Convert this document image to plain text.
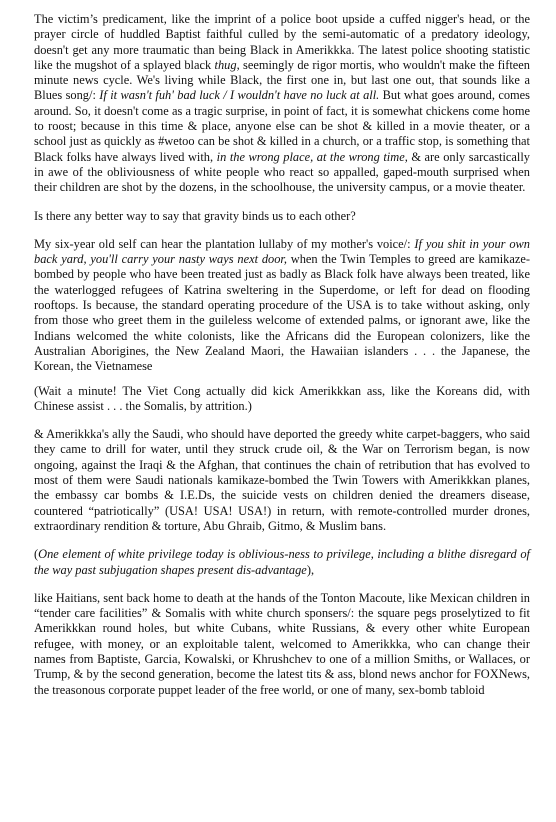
The victim’s predicament, like the imprint of a police boot upside a cuffed nigger's head, or the prayer circle of huddled Baptist faithful culled by the semi-automatic of a predatory ideology, doesn't get any more traumatic than being Black in Amerikkka. The latest police shooting statistic like the mugshot of a splayed black thug, seemingly de rigor mortis, who wouldn't make the fifteen minute news cycle. We's living while Black, the first one in, but last one out, that sounds like a Blues song/: If it wasn't fuh' bad luck / I wouldn't have no luck at all. But what goes around, comes around. So, it doesn't come as a tragic surprise, in point of fact, it is somewhat chickens come home to roost; because in this time & place, anyone else can be shot & killed in a movie theater, or a school just as quickly as #wetoo can be shot & killed in a church, or a traffic stop, is something that Black folks have always lived with, in the wrong place, at the wrong time, & are only sarcastically in awe of the obliviousness of white people who react so appalled, gaped-mouth surprised when their children are shot by the dozens, in the schoolhouse, the university campus, or a movie theater.

Is there any better way to say that gravity binds us to each other?

My six-year old self can hear the plantation lullaby of my mother's voice/: If you shit in your own back yard, you'll carry your nasty ways next door, when the Twin Temples to greed are kamikaze-bombed by people who have been treated just as badly as Black folk have always been treated, like the waterlogged refugees of Katrina sweltering in the Superdome, or left for dead on flooding rooftops. Is because, the standard operating procedure of the USA is to take without asking, only from those who greet them in the guileless welcome of extended palms, or ignorant awe, like the Indians welcomed the white colonists, like the Africans did the European colonizers, like the Australian Aborigines, the New Zealand Maori, the Hawaiian islanders . . . the Japanese, the Korean, the Vietnamese

(Wait a minute! The Viet Cong actually did kick Amerikkkan ass, like the Koreans did, with Chinese assist . . . the Somalis, by attrition.)

& Amerikkka's ally the Saudi, who should have deported the greedy white carpet-baggers, who said they came to drill for water, until they struck crude oil, & the War on Terrorism began, is now ongoing, against the Iraqi & the Afghan, that continues the chain of retribution that has evolved to most of them were Saudi nationals kamikaze-bombed the Twin Towers with Amerikkkan planes, the embassy car bombs & I.E.Ds, the suicide vests on children denied the dreamers disease, countered “patriotically” (USA! USA! USA!) in return, with remote-controlled murder drones, extraordinary rendition & torture, Abu Ghraib, Gitmo, & Muslim bans.

(One element of white privilege today is oblivious-ness to privilege, including a blithe disregard of the way past subjugation shapes present dis-advantage),

like Haitians, sent back home to death at the hands of the Tonton Macoute, like Mexican children in “tender care facilities” & Somalis with white church sponsers/: the square pegs proselytized to fit Amerikkkan round holes, but white Cubans, white Russians, & every other white European refugee, with money, or an exploitable talent, welcomed to Amerikkka, who can change their names from Baptiste, Garcia, Kowalski, or Khrushchev to one of a million Smiths, or Wallaces, or Trump, & by the second generation, become the latest tits & ass, blond news anchor for FOXNews, the treasonous corporate puppet leader of the free world, or one of many, sex-bomb tabloid
